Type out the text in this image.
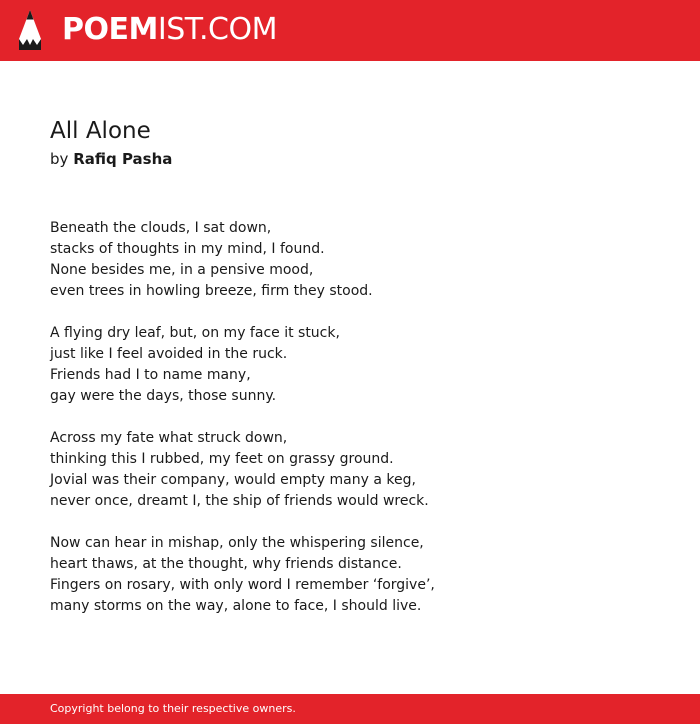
POEMIST.COM
All Alone
by Rafiq Pasha
Beneath the clouds, I sat down,
stacks of thoughts in my mind, I found.
None besides me, in a pensive mood,
even trees in howling breeze, firm they stood.
A flying dry leaf, but, on my face it stuck,
just like I feel avoided in the ruck.
Friends had I to name many,
gay were the days, those sunny.
Across my fate what struck down,
thinking this I rubbed, my feet on grassy ground.
Jovial was their company, would empty many a keg,
never once, dreamt I, the ship of friends would wreck.
Now can hear in mishap, only the whispering silence,
heart thaws, at the thought, why friends distance.
Fingers on rosary, with only word I remember ‘forgive’,
many storms on the way, alone to face, I should live.
Copyright belong to their respective owners.
